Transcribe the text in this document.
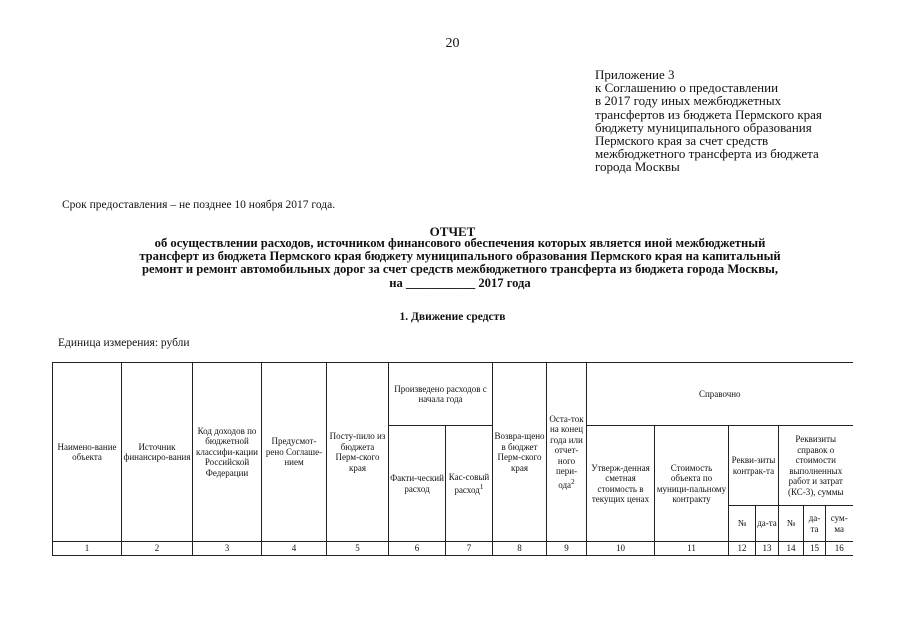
20
Приложение 3
к Соглашению о предоставлении
в 2017 году иных межбюджетных
трансфертов из бюджета Пермского края
бюджету муниципального образования
Пермского края за счет средств
межбюджетного трансферта из бюджета
города Москвы
Срок предоставления – не позднее 10 ноября 2017 года.
ОТЧЕТ
об осуществлении расходов, источником финансового обеспечения которых является иной межбюджетный
трансферт из бюджета Пермского края бюджету муниципального образования Пермского края на капитальный
ремонт и ремонт автомобильных дорог за счет средств межбюджетного трансферта из бюджета города Москвы,
на ___________ 2017 года
1. Движение средств
Единица измерения: рубли
Наимено-вание объекта	Источник финансиро-вания	Код доходов по бюджетной классифи-кации Российской Федерации	Предусмот-рено Соглаше-нием	Посту-пило из бюджета Перм-ского края	Произведено расходов с начала года		Возвра-щено в бюджет Перм-ского края	Оста-ток на конец года или отчет-ного пери-ода$^2$	Справочно						
					Факти-ческий расход	Кас-совый расход$^1$			Утверж-денная сметная стоимость в текущих ценах	Стоимость объекта по муници-пальному контракту	Рекви-зиты контрак-та		Реквизиты справок о стоимости выполненных работ и затрат (КС-3), суммы		
											№	да-та	№	да-та	сум-ма
1	2	3	4	5	6	7	8	9	10	11	12	13	14	15	16
